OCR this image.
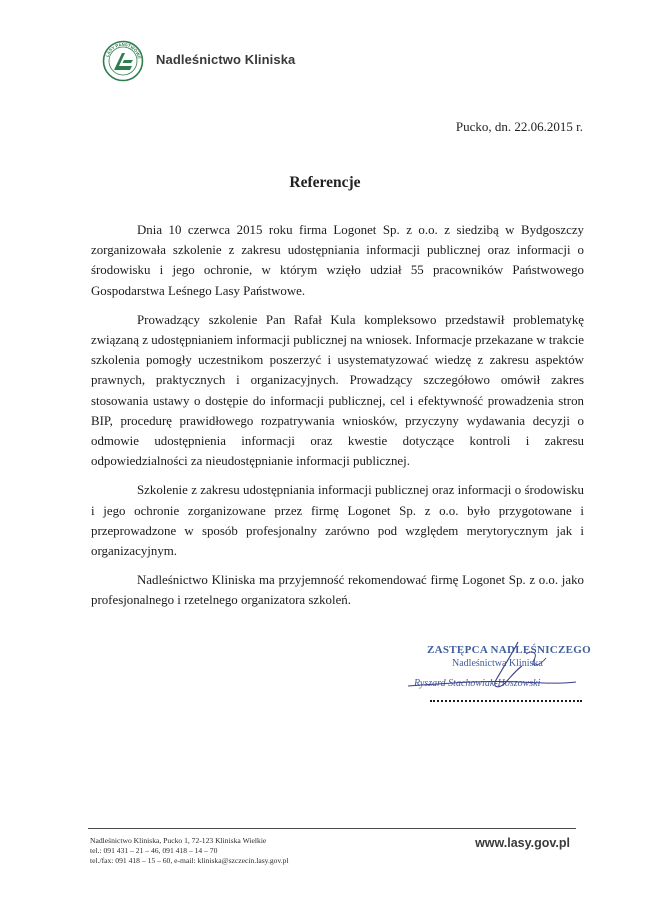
LASY PAŃSTWOWE Nadleśnictwo Kliniska
Pucko, dn. 22.06.2015 r.
Referencje

Dnia 10 czerwca 2015 roku firma Logonet Sp. z o.o. z siedzibą w Bydgoszczy zorganizowała szkolenie z zakresu udostępniania informacji publicznej oraz informacji o środowisku i jego ochronie, w którym wzięło udział 55 pracowników Państwowego Gospodarstwa Leśnego Lasy Państwowe.

Prowadzący szkolenie Pan Rafał Kula kompleksowo przedstawił problematykę związaną z udostępnianiem informacji publicznej na wniosek. Informacje przekazane w trakcie szkolenia pomogły uczestnikom poszerzyć i usystematyzować wiedzę z zakresu aspektów prawnych, praktycznych i organizacyjnych. Prowadzący szczegółowo omówił zakres stosowania ustawy o dostępie do informacji publicznej, cel i efektywność prowadzenia stron BIP, procedurę prawidłowego rozpatrywania wniosków, przyczyny wydawania decyzji o odmowie udostępnienia informacji oraz kwestie dotyczące kontroli i zakresu odpowiedzialności za nieudostępnianie informacji publicznej.

Szkolenie z zakresu udostępniania informacji publicznej oraz informacji o środowisku i jego ochronie zorganizowane przez firmę Logonet Sp. z o.o. było przygotowane i przeprowadzone w sposób profesjonalny zarówno pod względem merytorycznym jak i organizacyjnym.

Nadleśnictwo Kliniska ma przyjemność rekomendować firmę Logonet Sp. z o.o. jako profesjonalnego i rzetelnego organizatora szkoleń.

ZASTĘPCA NADLEŚNICZEGO
Nadleśnictwa Kliniska
Ryszard Stachowiak-Hoszowski
Nadleśnictwo Kliniska, Pucko 1, 72-123 Kliniska Wielkie
tel.: 091 431 – 21 – 46, 091 418 – 14 – 70
tel./fax: 091 418 – 15 – 60, e-mail: kliniska@szczecin.lasy.gov.pl
www.lasy.gov.pl
